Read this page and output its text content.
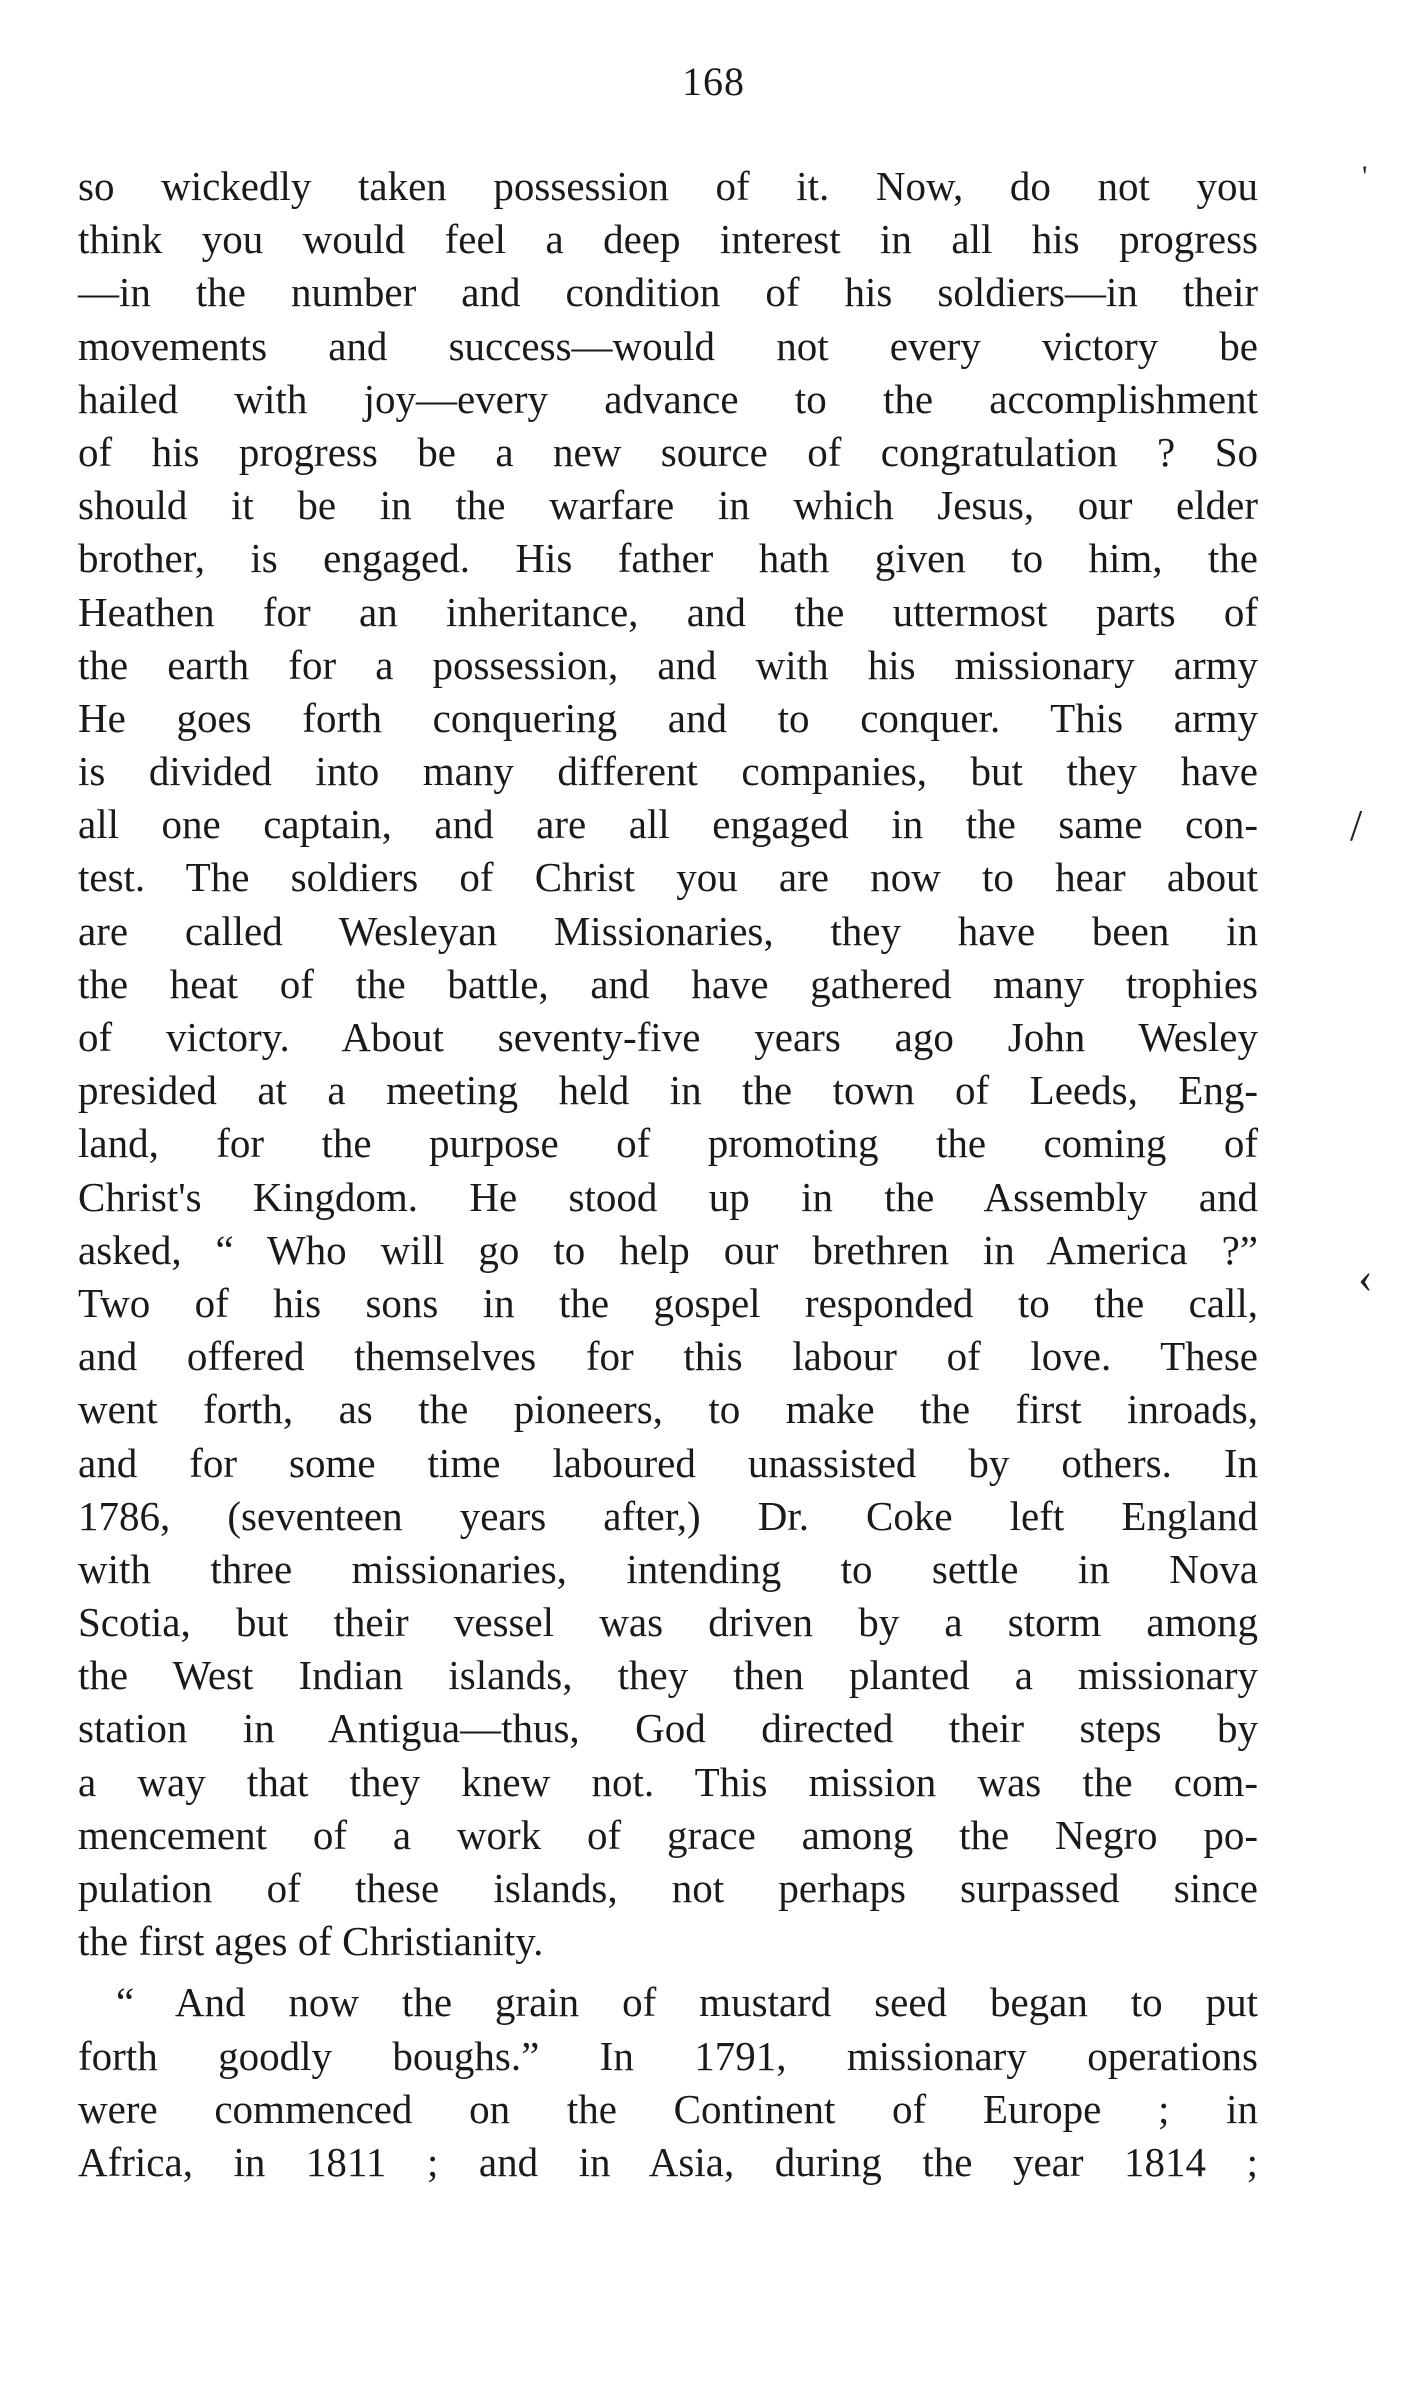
168
so wickedly taken possession of it. Now, do not you
think you would feel a deep interest in all his progress
—in the number and condition of his soldiers—in their
movements and success—would not every victory be
hailed with joy—every advance to the accomplishment
of his progress be a new source of congratulation ? So
should it be in the warfare in which Jesus, our elder
brother, is engaged. His father hath given to him, the
Heathen for an inheritance, and the uttermost parts of
the earth for a possession, and with his missionary army
He goes forth conquering and to conquer. This army
is divided into many different companies, but they have
all one captain, and are all engaged in the same con-
test. The soldiers of Christ you are now to hear about
are called Wesleyan Missionaries, they have been in
the heat of the battle, and have gathered many trophies
of victory. About seventy-five years ago John Wesley
presided at a meeting held in the town of Leeds, Eng-
land, for the purpose of promoting the coming of
Christ's Kingdom. He stood up in the Assembly and
asked, “ Who will go to help our brethren in America ?”
Two of his sons in the gospel responded to the call,
and offered themselves for this labour of love. These
went forth, as the pioneers, to make the first inroads,
and for some time laboured unassisted by others. In
1786, (seventeen years after,) Dr. Coke left England
with three missionaries, intending to settle in Nova
Scotia, but their vessel was driven by a storm among
the West Indian islands, they then planted a missionary
station in Antigua—thus, God directed their steps by
a way that they knew not. This mission was the com-
mencement of a work of grace among the Negro po-
pulation of these islands, not perhaps surpassed since
the first ages of Christianity.
“ And now the grain of mustard seed began to put
forth goodly boughs.” In 1791, missionary operations
were commenced on the Continent of Europe ; in
Africa, in 1811 ; and in Asia, during the year 1814 ;
/
‹
'
